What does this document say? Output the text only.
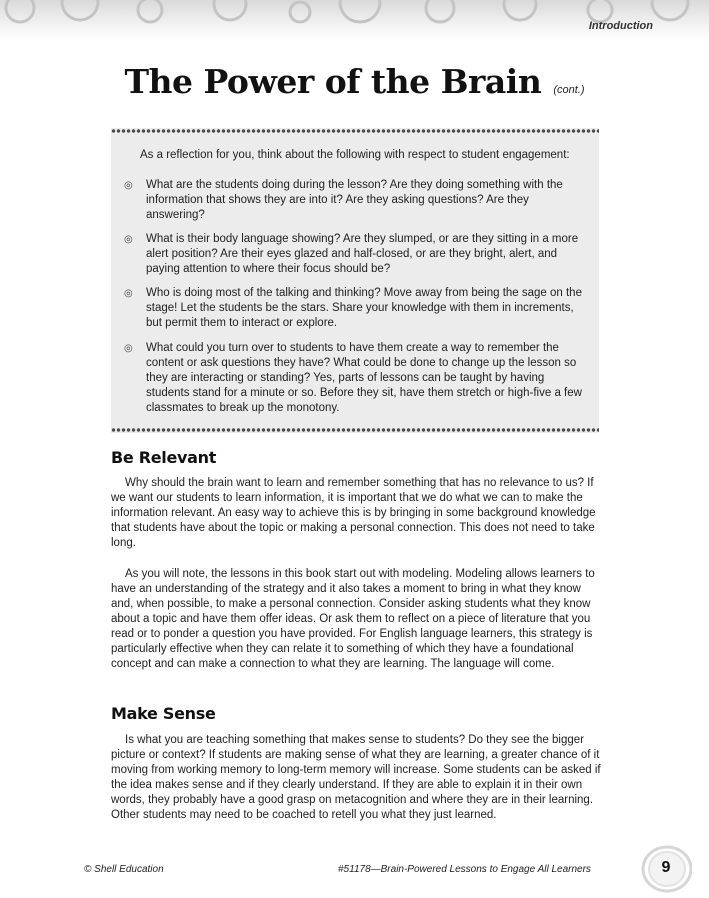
Introduction
The Power of the Brain (cont.)
As a reflection for you, think about the following with respect to student engagement:
◎ What are the students doing during the lesson? Are they doing something with the information that shows they are into it? Are they asking questions? Are they answering?
◎ What is their body language showing? Are they slumped, or are they sitting in a more alert position? Are their eyes glazed and half-closed, or are they bright, alert, and paying attention to where their focus should be?
◎ Who is doing most of the talking and thinking? Move away from being the sage on the stage! Let the students be the stars. Share your knowledge with them in increments, but permit them to interact or explore.
◎ What could you turn over to students to have them create a way to remember the content or ask questions they have? What could be done to change up the lesson so they are interacting or standing? Yes, parts of lessons can be taught by having students stand for a minute or so. Before they sit, have them stretch or high-five a few classmates to break up the monotony.
Be Relevant

Why should the brain want to learn and remember something that has no relevance to us? If we want our students to learn information, it is important that we do what we can to make the information relevant. An easy way to achieve this is by bringing in some background knowledge that students have about the topic or making a personal connection. This does not need to take long.

As you will note, the lessons in this book start out with modeling. Modeling allows learners to have an understanding of the strategy and it also takes a moment to bring in what they know and, when possible, to make a personal connection. Consider asking students what they know about a topic and have them offer ideas. Or ask them to reflect on a piece of literature that you read or to ponder a question you have provided. For English language learners, this strategy is particularly effective when they can relate it to something of which they have a foundational concept and can make a connection to what they are learning. The language will come.

Make Sense

Is what you are teaching something that makes sense to students? Do they see the bigger picture or context? If students are making sense of what they are learning, a greater chance of it moving from working memory to long-term memory will increase. Some students can be asked if the idea makes sense and if they clearly understand. If they are able to explain it in their own words, they probably have a good grasp on metacognition and where they are in their learning. Other students may need to be coached to retell you what they just learned.

© Shell Education	#51178—Brain-Powered Lessons to Engage All Learners	9
